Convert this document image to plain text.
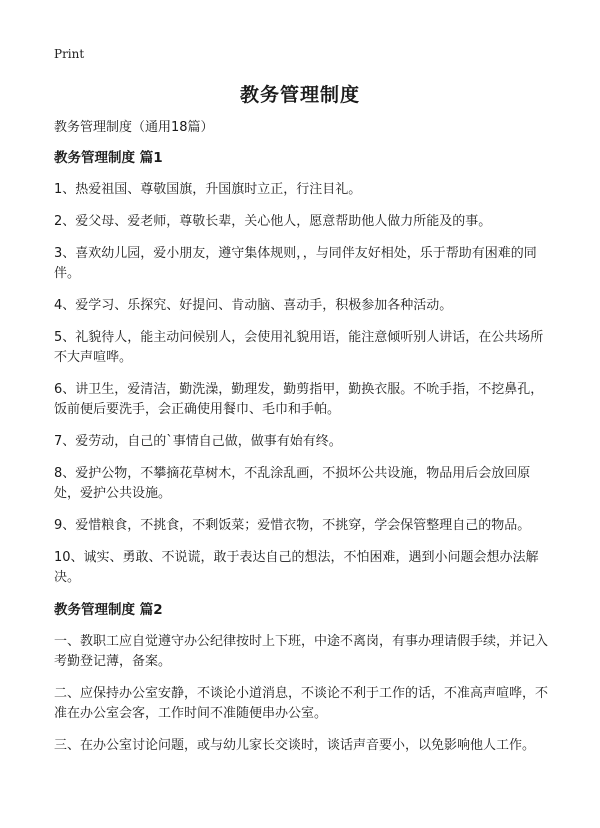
Print
教务管理制度

教务管理制度（通用18篇）

教务管理制度 篇1

1、热爱祖国、尊敬国旗，升国旗时立正，行注目礼。

2、爱父母、爱老师，尊敬长辈，关心他人，愿意帮助他人做力所能及的事。

3、喜欢幼儿园，爱小朋友，遵守集体规则，，与同伴友好相处，乐于帮助有困难的同伴。

4、爱学习、乐探究、好提问、肯动脑、喜动手，积极参加各种活动。

5、礼貌待人，能主动问候别人，会使用礼貌用语，能注意倾听别人讲话，在公共场所不大声喧哗。

6、讲卫生，爱清洁，勤洗澡，勤理发，勤剪指甲，勤换衣服。不吮手指，不挖鼻孔，饭前便后要洗手，会正确使用餐巾、毛巾和手帕。

7、爱劳动，自己的`事情自己做，做事有始有终。

8、爱护公物，不攀摘花草树木，不乱涂乱画，不损坏公共设施，物品用后会放回原处，爱护公共设施。

9、爱惜粮食，不挑食，不剩饭菜；爱惜衣物，不挑穿，学会保管整理自己的物品。

10、诚实、勇敢、不说谎，敢于表达自己的想法，不怕困难，遇到小问题会想办法解决。

教务管理制度 篇2

一、教职工应自觉遵守办公纪律按时上下班，中途不离岗，有事办理请假手续，并记入考勤登记薄，备案。

二、应保持办公室安静，不谈论小道消息，不谈论不利于工作的话，不准高声喧哗，不准在办公室会客，工作时间不准随便串办公室。

三、在办公室讨论问题，或与幼儿家长交谈时，谈话声音要小，以免影响他人工作。
